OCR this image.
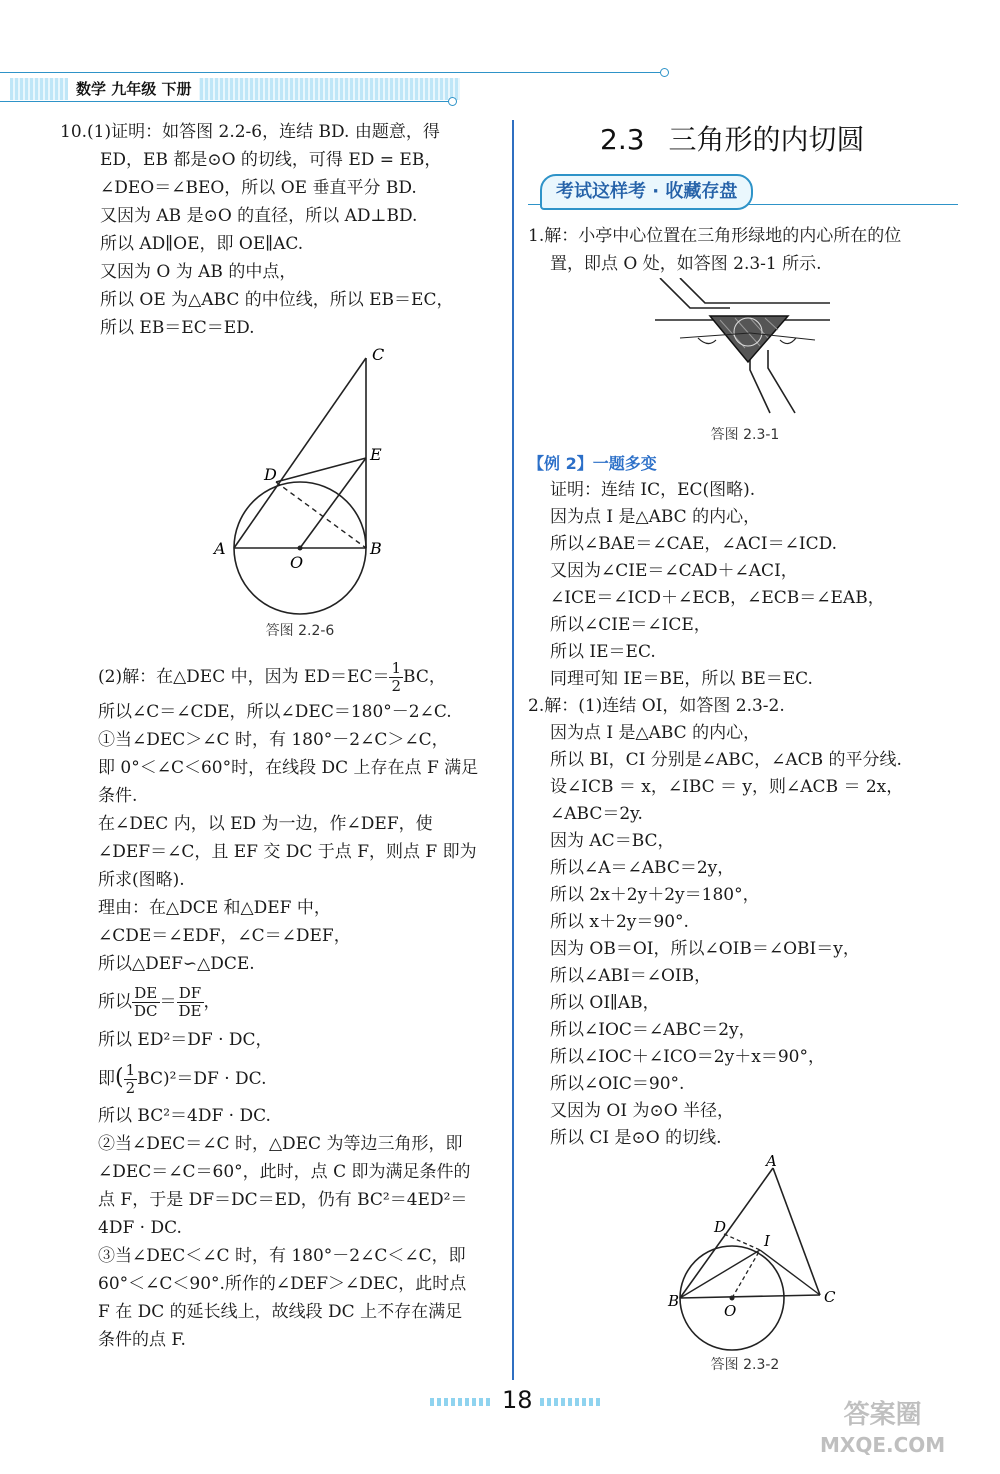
数学 九年级 下册
10.(1)证明：如答图 2.2-6，连结 BD. 由题意，得
ED，EB 都是⊙O 的切线，可得 ED = EB，
∠DEO＝∠BEO，所以 OE 垂直平分 BD.
又因为 AB 是⊙O 的直径，所以 AD⊥BD.
所以 AD∥OE，即 OE∥AC.
又因为 O 为 AB 的中点，
所以 OE 为△ABC 的中位线，所以 EB＝EC，
所以 EB＝EC＝ED.
A	B
C
D
E
O
答图 2.2-6
(2)解：在△DEC 中，因为 $ED=EC= \frac{1}{2}$ BC，
所以∠C＝∠CDE，所以∠DEC＝180°－2∠C.
①当∠DEC＞∠C 时，有 180°－2∠C＞∠C，
即 0°＜∠C＜60°时，在线段 DC 上存在点 F 满足
条件.
在∠DEC 内，以 ED 为一边，作∠DEF，使
∠DEF＝∠C，且 EF 交 DC 于点 F，则点 F 即为
所求(图略).
理由：在△DCE 和△DEF 中，
∠CDE＝∠EDF，∠C＝∠DEF，
所以△DEF∽△DCE.
所以 $\frac{DE}{DC} = \frac{DF}{DE}$ ，
所以 ED²＝DF · DC，
即( $\frac{1}{2} BC)^2=DF$ · DC.
所以 BC²＝4DF · DC.
②当∠DEC＝∠C 时，△DEC 为等边三角形，即
∠DEC＝∠C＝60°，此时，点 C 即为满足条件的
点 F，于是 DF＝DC＝ED，仍有 BC²＝4ED²＝
4DF · DC.
③当∠DEC＜∠C 时，有 180°－2∠C＜∠C，即
60°＜∠C＜90°.所作的∠DEF＞∠DEC，此时点
F 在 DC 的延长线上，故线段 DC 上不存在满足
条件的点 F.
2.3 三角形的内切圆
考试这样考 · 收藏存盘
1.解：小亭中心位置在三角形绿地的内心所在的位
置，即点 O 处，如答图 2.3-1 所示.
答图 2.3-1
【例 2】一题多变
证明：连结 IC，EC(图略).
因为点 I 是△ABC 的内心，
所以∠BAE＝∠CAE，∠ACI＝∠ICD.
又因为∠CIE＝∠CAD＋∠ACI，
∠ICE＝∠ICD＋∠ECB，∠ECB＝∠EAB，
所以∠CIE＝∠ICE，
所以 IE＝EC.
同理可知 IE＝BE，所以 BE＝EC.
2.解：(1)连结 OI，如答图 2.3-2.
因为点 I 是△ABC 的内心，
所以 BI，CI 分别是∠ABC，∠ACB 的平分线.
设∠ICB ＝ x，∠IBC ＝ y，则∠ACB ＝ 2x，
∠ABC＝2y.
因为 AC＝BC，
所以∠A＝∠ABC＝2y，
所以 2x＋2y＋2y＝180°，
所以 x＋2y＝90°.
因为 OB＝OI，所以∠OIB＝∠OBI＝y，
所以∠ABI＝∠OIB，
所以 OI∥AB，
所以∠IOC＝∠ABC＝2y，
所以∠IOC＋∠ICO＝2y＋x＝90°，
所以∠OIC＝90°.
又因为 OI 为⊙O 半径，
所以 CI 是⊙O 的切线.
A
B	C
D
I
O
答图 2.3-2
18	答案圈
MXQE.COM
